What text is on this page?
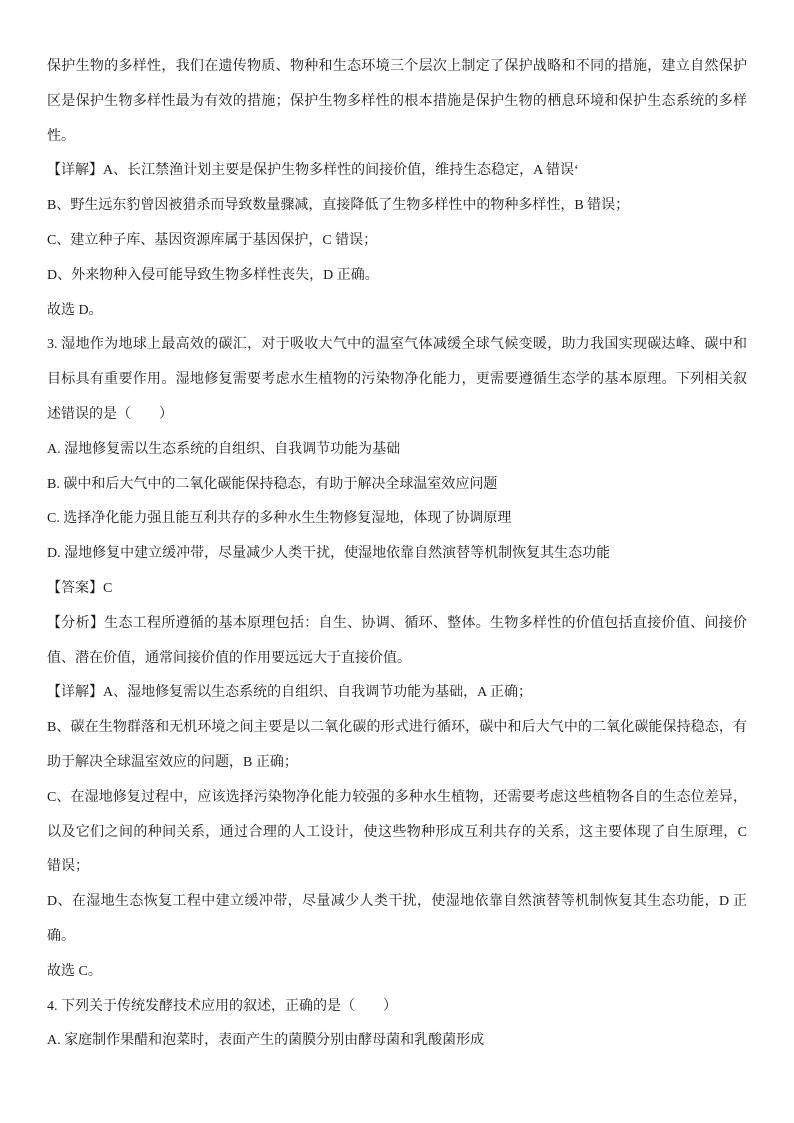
保护生物的多样性，我们在遗传物质、物种和生态环境三个层次上制定了保护战略和不同的措施，建立自然保护
区是保护生物多样性最为有效的措施；保护生物多样性的根本措施是保护生物的栖息环境和保护生态系统的多样
性。
【详解】A、长江禁渔计划主要是保护生物多样性的间接价值，维持生态稳定，A 错误‘
B、野生远东豹曾因被猎杀而导致数量骤减，直接降低了生物多样性中的物种多样性，B 错误；
C、建立种子库、基因资源库属于基因保护，C 错误；
D、外来物种入侵可能导致生物多样性丧失，D 正确。
故选 D。
3. 湿地作为地球上最高效的碳汇，对于吸收大气中的温室气体减缓全球气候变暖，助力我国实现碳达峰、碳中和
目标具有重要作用。湿地修复需要考虑水生植物的污染物净化能力，更需要遵循生态学的基本原理。下列相关叙
述错误的是（　　）
A. 湿地修复需以生态系统的自组织、自我调节功能为基础
B. 碳中和后大气中的二氧化碳能保持稳态，有助于解决全球温室效应问题
C. 选择净化能力强且能互利共存的多种水生生物修复湿地，体现了协调原理
D. 湿地修复中建立缓冲带，尽量减少人类干扰，使湿地依靠自然演替等机制恢复其生态功能
【答案】C
【分析】生态工程所遵循的基本原理包括：自生、协调、循环、整体。生物多样性的价值包括直接价值、间接价
值、潜在价值，通常间接价值的作用要远远大于直接价值。
【详解】A、湿地修复需以生态系统的自组织、自我调节功能为基础，A 正确；
B、碳在生物群落和无机环境之间主要是以二氧化碳的形式进行循环，碳中和后大气中的二氧化碳能保持稳态，有
助于解决全球温室效应的问题，B 正确；
C、在湿地修复过程中，应该选择污染物净化能力较强的多种水生植物，还需要考虑这些植物各自的生态位差异，
以及它们之间的种间关系，通过合理的人工设计，使这些物种形成互利共存的关系，这主要体现了自生原理，C
错误；
D、在湿地生态恢复工程中建立缓冲带，尽量减少人类干扰，使湿地依靠自然演替等机制恢复其生态功能，D 正
确。
故选 C。
4. 下列关于传统发酵技术应用的叙述，正确的是（　　）
A. 家庭制作果醋和泡菜时，表面产生的菌膜分别由酵母菌和乳酸菌形成
